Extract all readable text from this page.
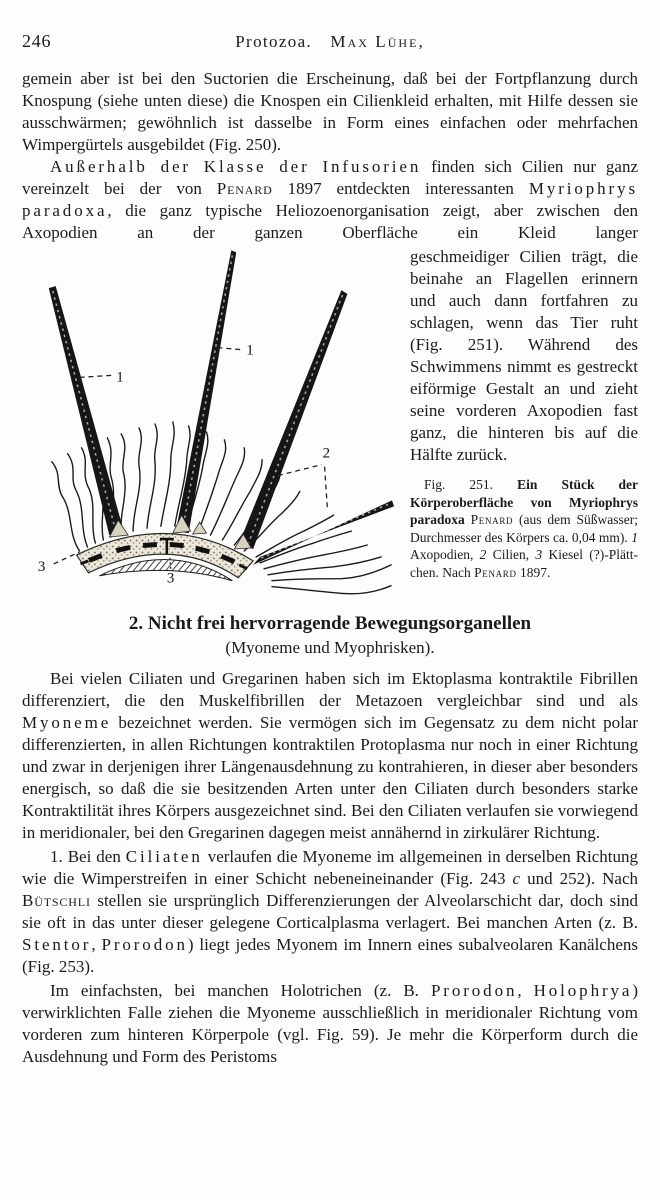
246	Protozoa. Max Lühe,

gemein aber ist bei den Suctorien die Erscheinung, daß bei der Fortpflanzung durch Knospung (siehe unten diese) die Knospen ein Cilienkleid erhalten, mit Hilfe dessen sie ausschwärmen; gewöhnlich ist dasselbe in Form eines einfachen oder mehrfachen Wimpergürtels ausgebildet (Fig. 250).

Außerhalb der Klasse der Infusorien finden sich Cilien nur ganz vereinzelt bei der von Penard 1897 entdeckten interessanten Myriophrys paradoxa, die ganz typische Heliozoenorganisation zeigt, aber zwischen den Axopodien an der ganzen Oberfläche ein Kleid langer

1
1
2
3
3

geschmeidiger Cilien trägt, die beinahe an Flagellen erinnern und auch dann fortfahren zu schlagen, wenn das Tier ruht (Fig. 251). Während des Schwimmens nimmt es gestreckt eiförmige Gestalt an und zieht seine vorderen Axopodien fast ganz, die hinteren bis auf die Hälfte zurück.

Fig. 251. Ein Stück der Körperoberfläche von Myriophrys paradoxa Penard (aus dem Süßwasser; Durchmesser des Körpers ca. 0,04 mm). 1 Axopodien, 2 Cilien, 3 Kiesel (?)-Plättchen. Nach Penard 1897.

2. Nicht frei hervorragende Bewegungsorganellen
(Myoneme und Myophrisken).

Bei vielen Ciliaten und Gregarinen haben sich im Ektoplasma kontraktile Fibrillen differenziert, die den Muskelfibrillen der Metazoen vergleichbar sind und als Myoneme bezeichnet werden. Sie vermögen sich im Gegensatz zu dem nicht polar differenzierten, in allen Richtungen kontraktilen Protoplasma nur noch in einer Richtung und zwar in derjenigen ihrer Längenausdehnung zu kontrahieren, in dieser aber besonders energisch, so daß die sie besitzenden Arten unter den Ciliaten durch besonders starke Kontraktilität ihres Körpers ausgezeichnet sind. Bei den Ciliaten verlaufen sie vorwiegend in meridionaler, bei den Gregarinen dagegen meist annähernd in zirkulärer Richtung.

1. Bei den Ciliaten verlaufen die Myoneme im allgemeinen in derselben Richtung wie die Wimperstreifen in einer Schicht nebeneineinander (Fig. 243 c und 252). Nach Bütschli stellen sie ursprünglich Differenzierungen der Alveolarschicht dar, doch sind sie oft in das unter dieser gelegene Corticalplasma verlagert. Bei manchen Arten (z. B. Stentor, Prorodon) liegt jedes Myonem im Innern eines subalveolaren Kanälchens (Fig. 253).

Im einfachsten, bei manchen Holotrichen (z. B. Prorodon, Holophrya) verwirklichten Falle ziehen die Myoneme ausschließlich in meridionaler Richtung vom vorderen zum hinteren Körperpole (vgl. Fig. 59). Je mehr die Körperform durch die Ausdehnung und Form des Peristoms
